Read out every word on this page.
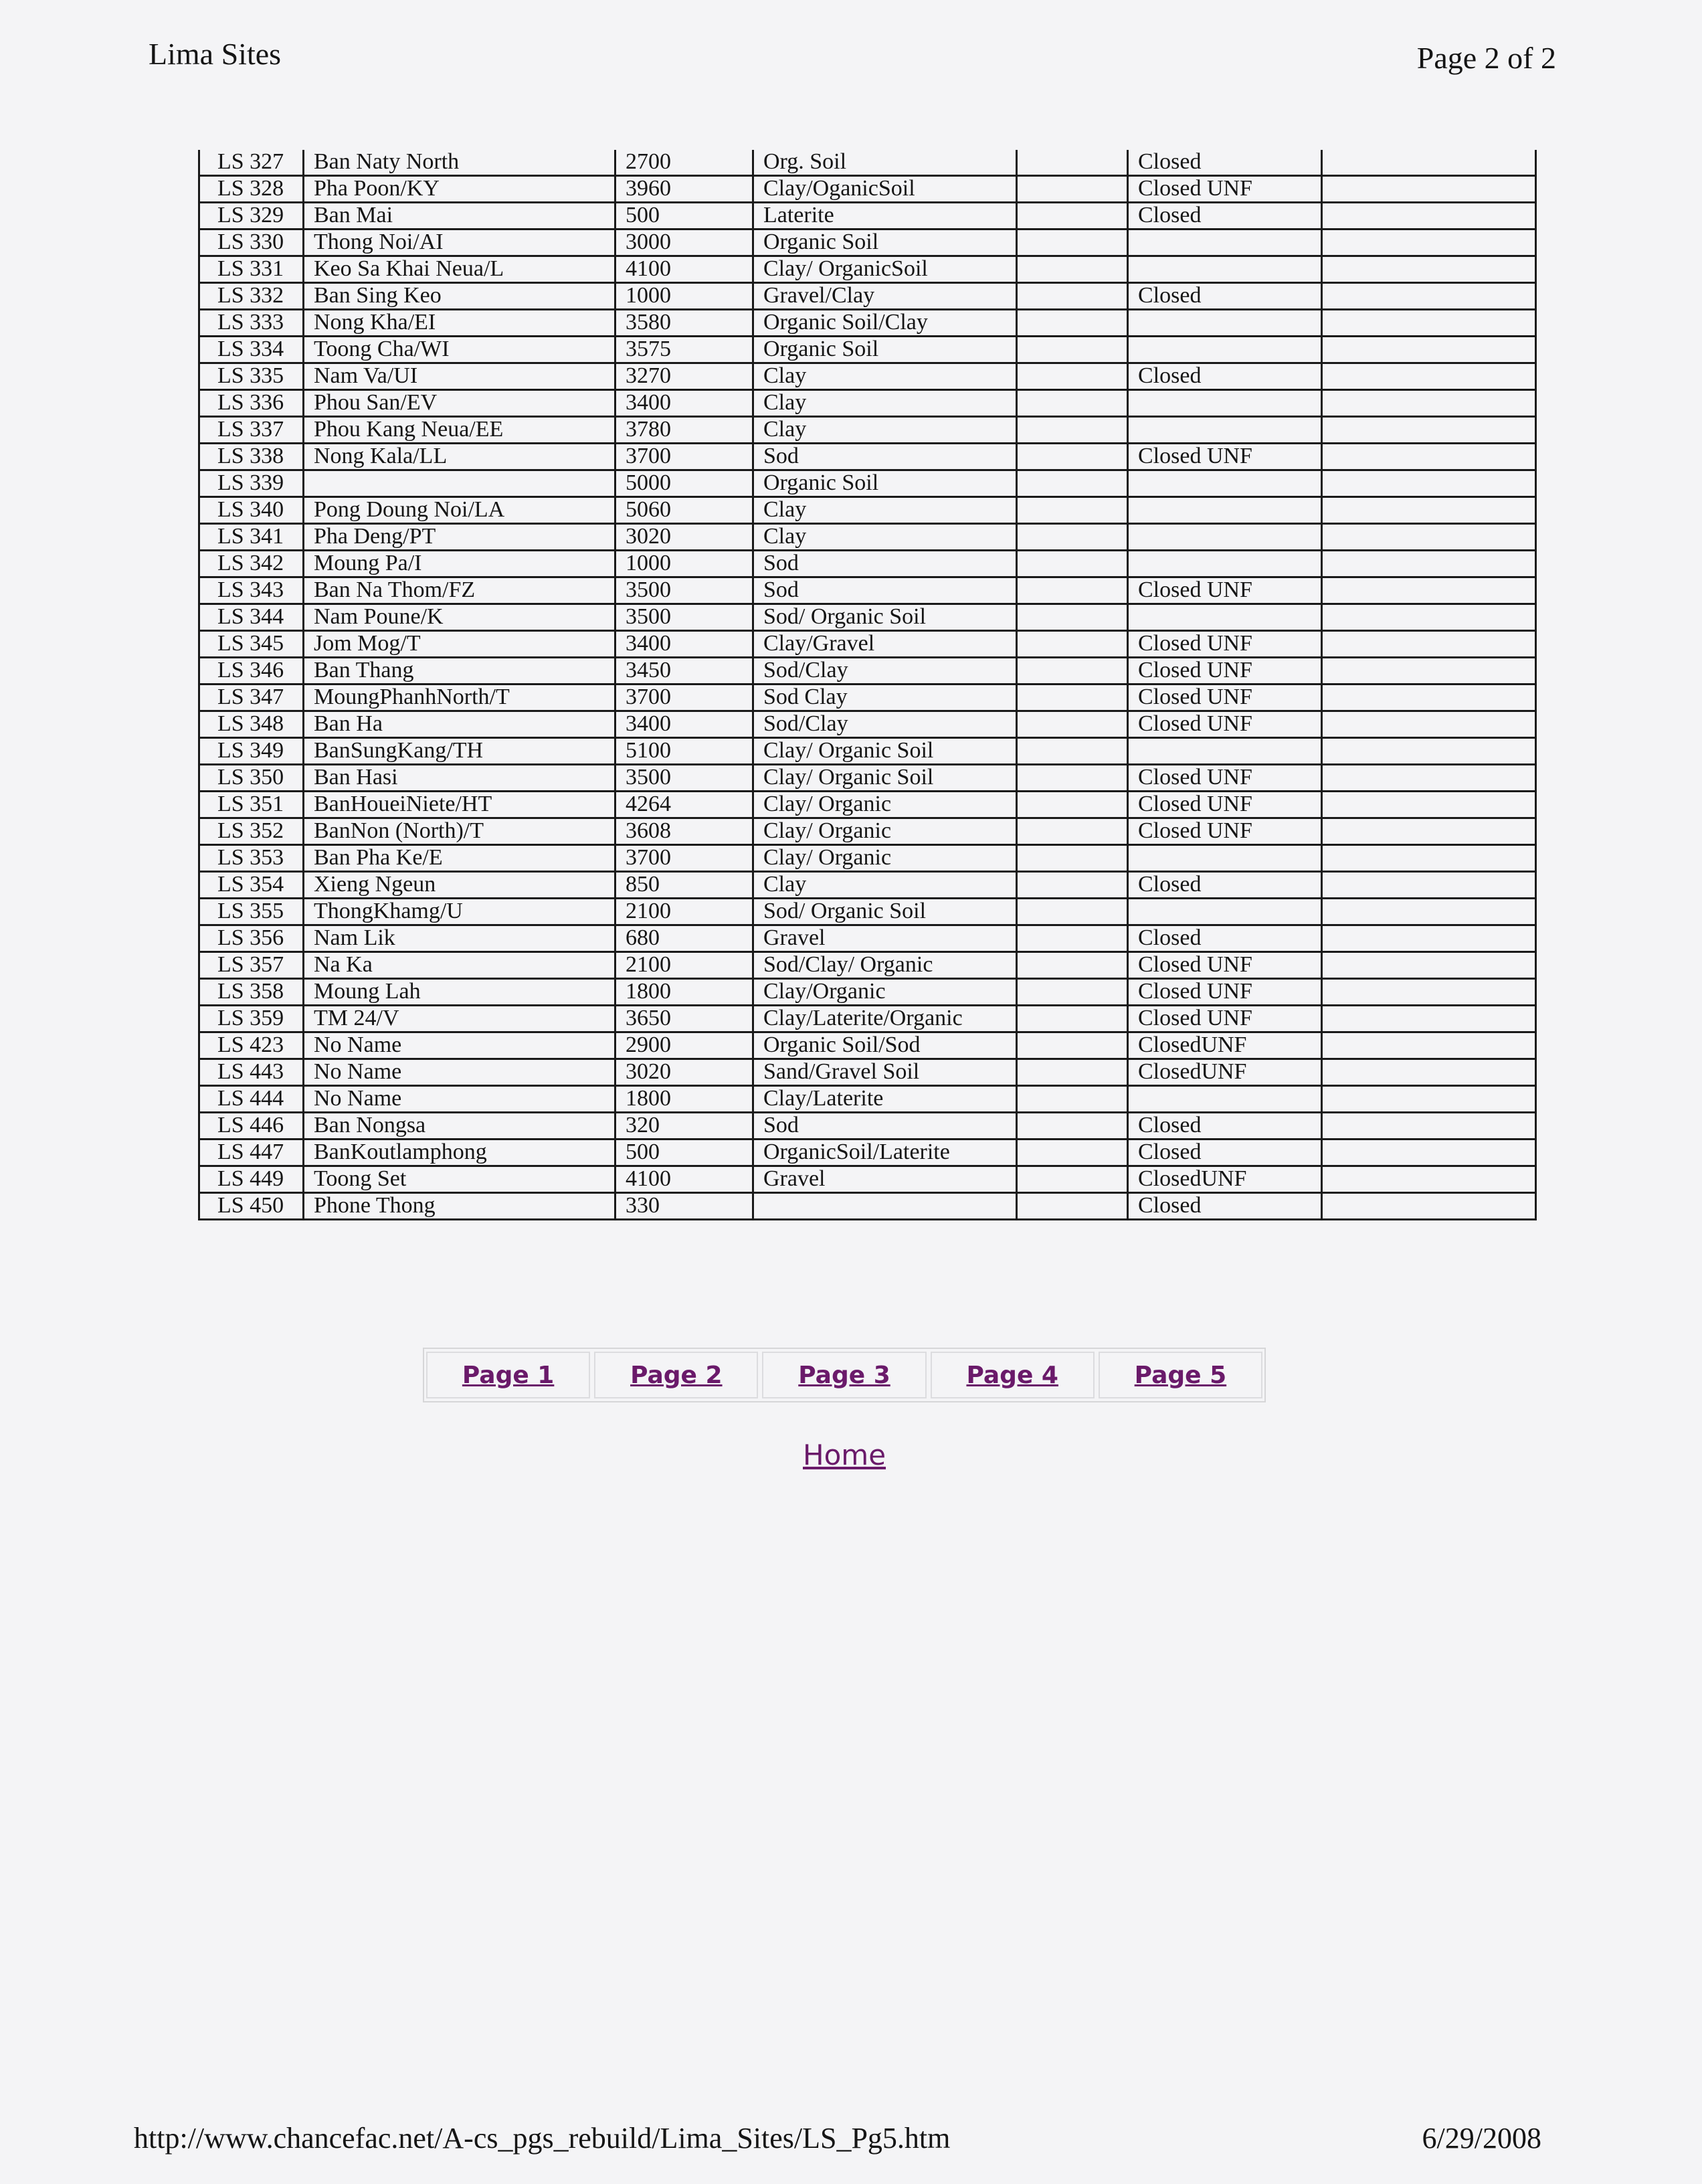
Lima Sites	Page 2 of 2
LS 327	Ban Naty North	2700	Org. Soil		Closed	
LS 328	Pha Poon/KY	3960	Clay/OganicSoil		Closed UNF	
LS 329	Ban Mai	500	Laterite		Closed	
LS 330	Thong Noi/AI	3000	Organic Soil			
LS 331	Keo Sa Khai Neua/L	4100	Clay/ OrganicSoil			
LS 332	Ban Sing Keo	1000	Gravel/Clay		Closed	
LS 333	Nong Kha/EI	3580	Organic Soil/Clay			
LS 334	Toong Cha/WI	3575	Organic Soil			
LS 335	Nam Va/UI	3270	Clay		Closed	
LS 336	Phou San/EV	3400	Clay			
LS 337	Phou Kang Neua/EE	3780	Clay			
LS 338	Nong Kala/LL	3700	Sod		Closed UNF	
LS 339		5000	Organic Soil			
LS 340	Pong Doung Noi/LA	5060	Clay			
LS 341	Pha Deng/PT	3020	Clay			
LS 342	Moung Pa/I	1000	Sod			
LS 343	Ban Na Thom/FZ	3500	Sod		Closed UNF	
LS 344	Nam Poune/K	3500	Sod/ Organic Soil			
LS 345	Jom Mog/T	3400	Clay/Gravel		Closed UNF	
LS 346	Ban Thang	3450	Sod/Clay		Closed UNF	
LS 347	MoungPhanhNorth/T	3700	Sod Clay		Closed UNF	
LS 348	Ban Ha	3400	Sod/Clay		Closed UNF	
LS 349	BanSungKang/TH	5100	Clay/ Organic Soil			
LS 350	Ban Hasi	3500	Clay/ Organic Soil		Closed UNF	
LS 351	BanHoueiNiete/HT	4264	Clay/ Organic		Closed UNF	
LS 352	BanNon (North)/T	3608	Clay/ Organic		Closed UNF	
LS 353	Ban Pha Ke/E	3700	Clay/ Organic			
LS 354	Xieng Ngeun	850	Clay		Closed	
LS 355	ThongKhamg/U	2100	Sod/ Organic Soil			
LS 356	Nam Lik	680	Gravel		Closed	
LS 357	Na Ka	2100	Sod/Clay/ Organic		Closed UNF	
LS 358	Moung Lah	1800	Clay/Organic		Closed UNF	
LS 359	TM 24/V	3650	Clay/Laterite/Organic		Closed UNF	
LS 423	No Name	2900	Organic Soil/Sod		ClosedUNF	
LS 443	No Name	3020	Sand/Gravel Soil		ClosedUNF	
LS 444	No Name	1800	Clay/Laterite			
LS 446	Ban Nongsa	320	Sod		Closed	
LS 447	BanKoutlamphong	500	OrganicSoil/Laterite		Closed	
LS 449	Toong Set	4100	Gravel		ClosedUNF	
LS 450	Phone Thong	330			Closed	
Page 1	Page 2	Page 3	Page 4	Page 5
Home
http://www.chancefac.net/A-cs_pgs_rebuild/Lima_Sites/LS_Pg5.htm	6/29/2008
